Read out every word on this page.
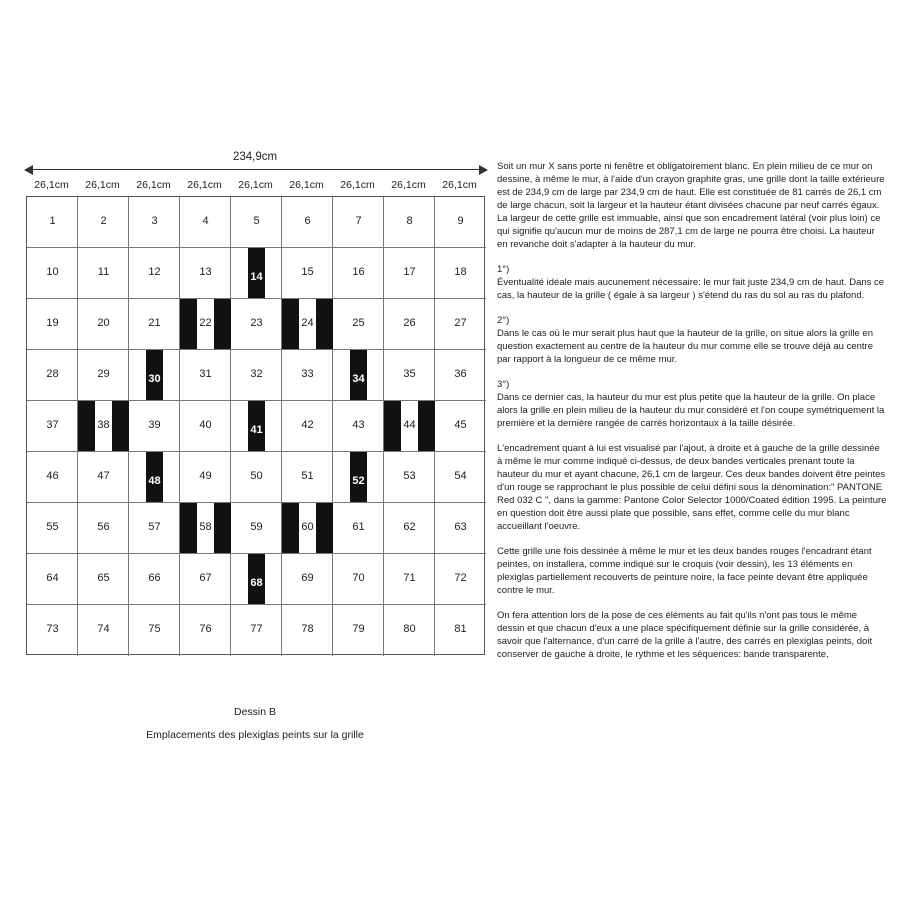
234,9cm
26,1cm	26,1cm	26,1cm	26,1cm	26,1cm	26,1cm	26,1cm	26,1cm	26,1cm
1	2	3	4	5	6	7	8	9
10	11	12	13	14	15	16	17	18
19	20	21	22	23	24	25	26	27
28	29	30	31	32	33	34	35	36
37	38	39	40	41	42	43	44	45
46	47	48	49	50	51	52	53	54
55	56	57	58	59	60	61	62	63
64	65	66	67	68	69	70	71	72
73	74	75	76	77	78	79	80	81
Dessin B
Emplacements des plexiglas peints sur la grille

Soit un mur X sans porte ni fenêtre et obligatoirement blanc. En plein milieu de ce mur on dessine, à même le mur, à l'aide d'un crayon graphite gras, une grille dont la taille extérieure est de 234,9 cm de large par 234,9 cm de haut. Elle est constituée de 81 carrés de 26,1 cm de large chacun, soit la largeur et la hauteur étant divisées chacune par neuf carrés égaux. La largeur de cette grille est immuable, ainsi que son encadrement latéral (voir plus loin) ce qui signifie qu'aucun mur de moins de 287,1 cm de large ne pourra être choisi. La hauteur en revanche doit s'adapter à la hauteur du mur.

1°)

Éventualité idéale mais aucunement nécessaire: le mur fait juste 234,9 cm de haut. Dans ce cas, la hauteur de la grille ( égale à sa largeur ) s'étend du ras du sol au ras du plafond.

2°)

Dans le cas où le mur serait plus haut que la hauteur de la grille, on situe alors la grille en question exactement au centre de la hauteur du mur comme elle se trouve déjà au centre par rapport à la longueur de ce même mur.

3°)

Dans ce dernier cas, la hauteur du mur est plus petite que la hauteur de la grille. On place alors la grille en plein milieu de la hauteur du mur considéré et l'on coupe symétriquement la première et la dernière rangée de carrés horizontaux à la taille désirée.

L'encadrement quant à lui est visualisé par l'ajout, à droite et à gauche de la grille dessinée à même le mur comme indiqué ci-dessus, de deux bandes verticales prenant toute la hauteur du mur et ayant chacune, 26,1 cm de largeur. Ces deux bandes doivent être peintes d'un rouge se rapprochant le plus possible de celui défini sous la dénomination:" PANTONE Red 032 C ", dans la gamme: Pantone Color Selector 1000/Coated édition 1995. La peinture en question doit être aussi plate que possible, sans effet, comme celle du mur blanc accueillant l'oeuvre.

Cette grille une fois dessinée à même le mur et les deux bandes rouges l'encadrant étant peintes, on installera, comme indiqué sur le croquis (voir dessin), les 13 éléments en plexiglas partiellement recouverts de peinture noire, la face peinte devant être appliquée contre le mur.

On fera attention lors de la pose de ces éléments au fait qu'ils n'ont pas tous le même dessin et que chacun d'eux a une place spécifiquement définie sur la grille considérée, à savoir que l'alternance, d'un carré de la grille à l'autre, des carrés en plexiglas peints, doit conserver de gauche à droite, le rythme et les séquences: bande transparente,
